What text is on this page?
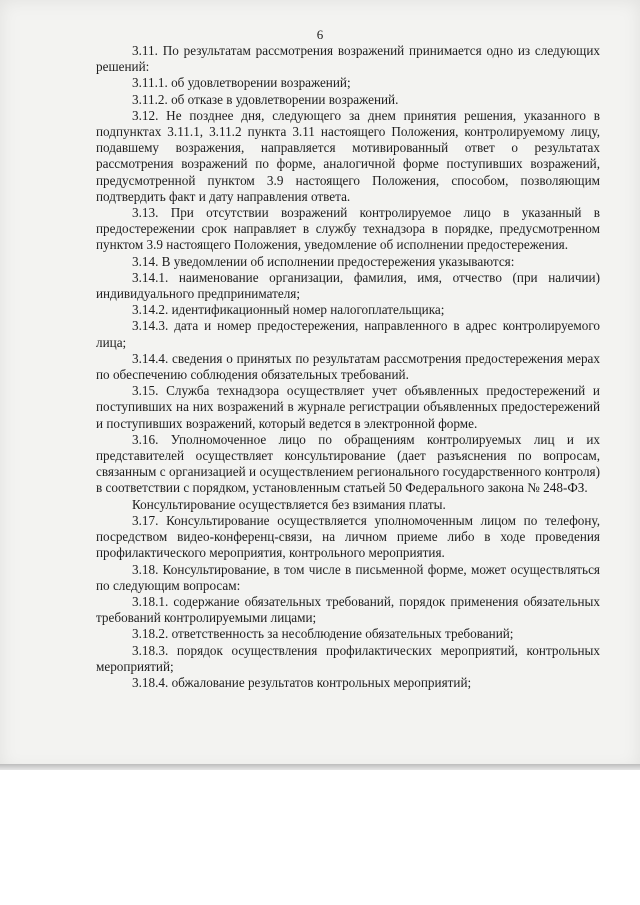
6

3.11. По результатам рассмотрения возражений принимается одно из следующих решений:

3.11.1. об удовлетворении возражений;

3.11.2. об отказе в удовлетворении возражений.

3.12. Не позднее дня, следующего за днем принятия решения, указанного в подпунктах 3.11.1, 3.11.2 пункта 3.11 настоящего Положения, контролируемому лицу, подавшему возражения, направляется мотивированный ответ о результатах рассмотрения возражений по форме, аналогичной форме поступивших возражений, предусмотренной пунктом 3.9 настоящего Положения, способом, позволяющим подтвердить факт и дату направления ответа.

3.13. При отсутствии возражений контролируемое лицо в указанный в предостережении срок направляет в службу технадзора в порядке, предусмотренном пунктом 3.9 настоящего Положения, уведомление об исполнении предостережения.

3.14. В уведомлении об исполнении предостережения указываются:

3.14.1. наименование организации, фамилия, имя, отчество (при наличии) индивидуального предпринимателя;

3.14.2. идентификационный номер налогоплательщика;

3.14.3. дата и номер предостережения, направленного в адрес контролируемого лица;

3.14.4. сведения о принятых по результатам рассмотрения предостережения мерах по обеспечению соблюдения обязательных требований.

3.15. Служба технадзора осуществляет учет объявленных предостережений и поступивших на них возражений в журнале регистрации объявленных предостережений и поступивших возражений, который ведется в электронной форме.

3.16. Уполномоченное лицо по обращениям контролируемых лиц и их представителей осуществляет консультирование (дает разъяснения по вопросам, связанным с организацией и осуществлением регионального государственного контроля) в соответствии с порядком, установленным статьей 50 Федерального закона № 248-ФЗ.

Консультирование осуществляется без взимания платы.

3.17. Консультирование осуществляется уполномоченным лицом по телефону, посредством видео-конференц-связи, на личном приеме либо в ходе проведения профилактического мероприятия, контрольного мероприятия.

3.18. Консультирование, в том числе в письменной форме, может осуществляться по следующим вопросам:

3.18.1. содержание обязательных требований, порядок применения обязательных требований контролируемыми лицами;

3.18.2. ответственность за несоблюдение обязательных требований;

3.18.3. порядок осуществления профилактических мероприятий, контрольных мероприятий;

3.18.4. обжалование результатов контрольных мероприятий;
